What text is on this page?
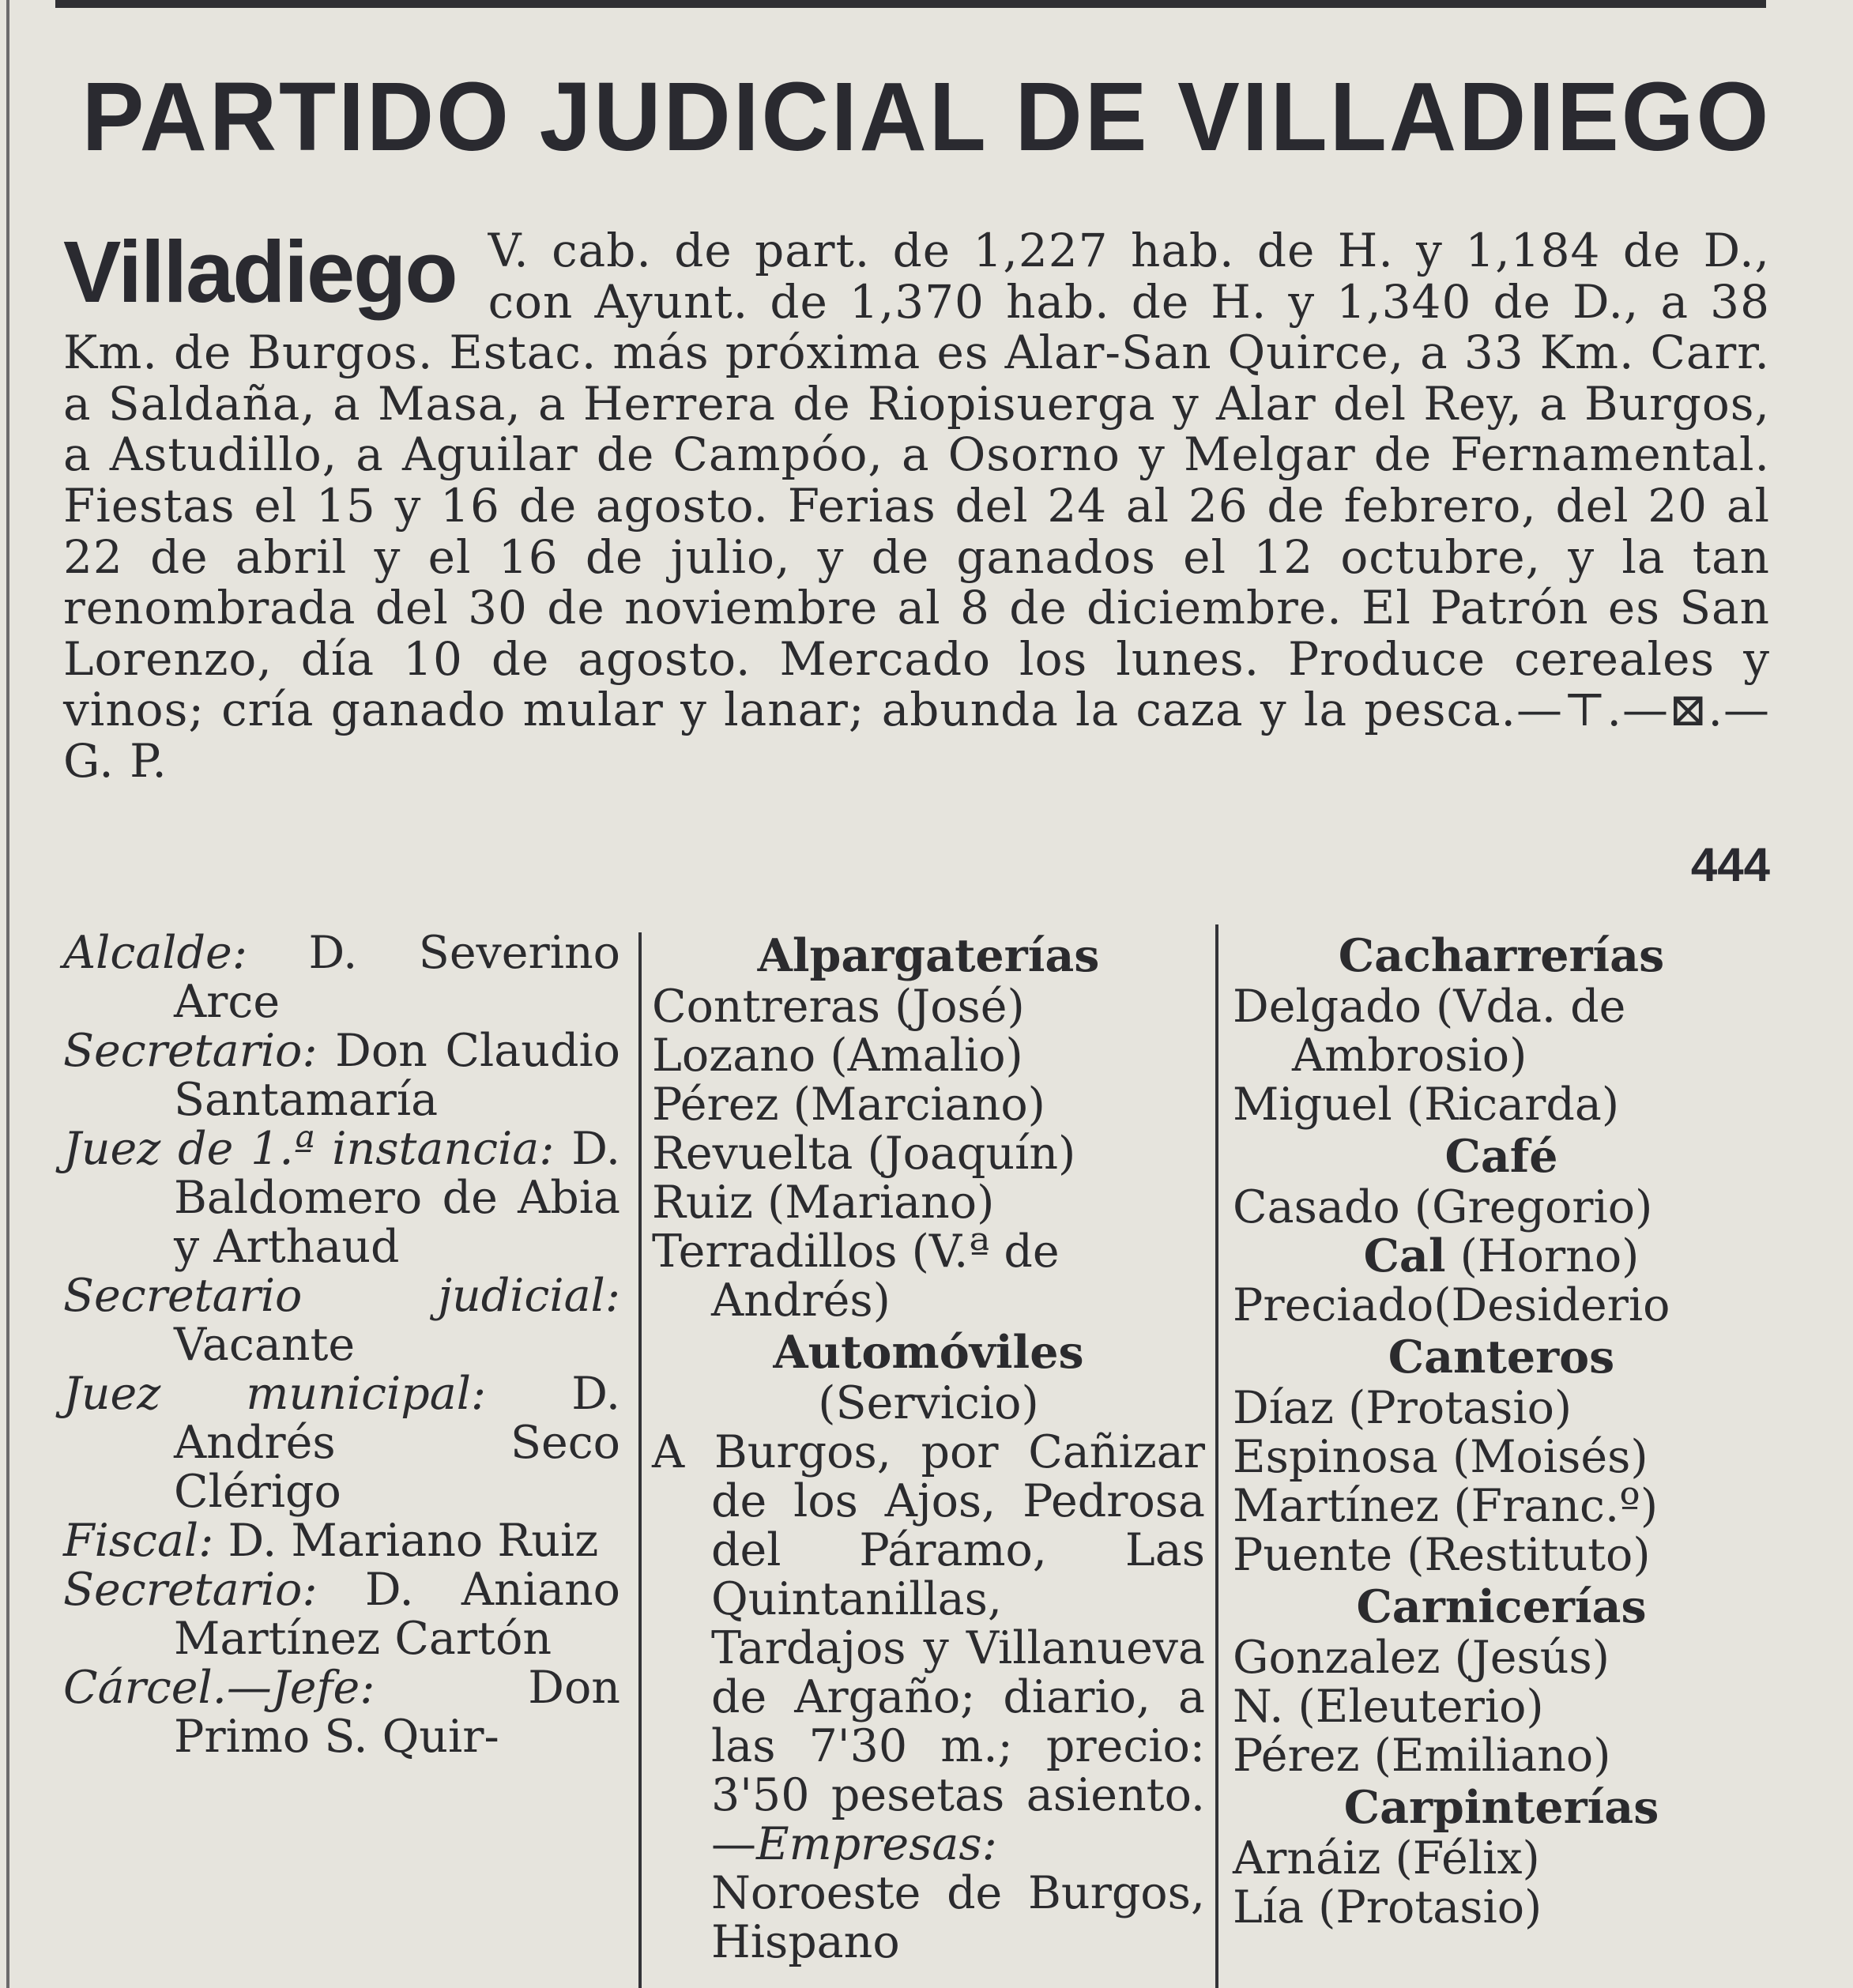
PARTIDO JUDICIAL DE VILLADIEGO
Villadiego V. cab. de part. de 1,227 hab. de H. y 1,184 de D., con Ayunt. de 1,370 hab. de H. y 1,340 de D., a 38 Km. de Burgos. Estac. más próxima es Alar-San Quirce, a 33 Km. Carr. a Saldaña, a Masa, a Herrera de Riopisuerga y Alar del Rey, a Burgos, a Astudillo, a Aguilar de Campóo, a Osorno y Melgar de Fernamental. Fiestas el 15 y 16 de agosto. Ferias del 24 al 26 de febrero, del 20 al 22 de abril y el 16 de julio, y de ganados el 12 octubre, y la tan renombrada del 30 de noviembre al 8 de diciembre. El Patrón es San Lorenzo, día 10 de agosto. Mercado los lunes. Produce cereales y vinos; cría ganado mular y lanar; abunda la caza y la pesca.—⊤.—⊠.—G. P.
444
Alcalde: D. Severino Arce
Secretario: Don Claudio Santamaría
Juez de 1.ª instancia: D. Baldomero de Abia y Arthaud
Secretario judicial: Vacante
Juez municipal: D. Andrés Seco Clérigo
Fiscal: D. Mariano Ruiz
Secretario: D. Aniano Martínez Cartón
Cárcel.—Jefe:	Don Primo S. Quir-
Alpargaterías
Contreras (José)
Lozano (Amalio)
Pérez (Marciano)
Revuelta (Joaquín)
Ruiz (Mariano)
Terradillos (V.ª de Andrés)
Automóviles
(Servicio)
A Burgos, por Cañizar de los Ajos, Pedrosa del Páramo, Las Quintanillas, Tardajos y Villanueva de Argaño; diario, a las 7'30 m.; precio: 3'50 pesetas asiento.—Empresas: Noroeste de Burgos, Hispano
Cacharrerías
Delgado (Vda. de Ambrosio)
Miguel (Ricarda)
Café
Casado (Gregorio)
Cal (Horno)
Preciado(Desiderio
Canteros
Díaz (Protasio)
Espinosa (Moisés)
Martínez (Franc.º)
Puente (Restituto)
Carnicerías
Gonzalez (Jesús)
N. (Eleuterio)
Pérez (Emiliano)
Carpinterías
Arnáiz (Félix)
Lía (Protasio)
